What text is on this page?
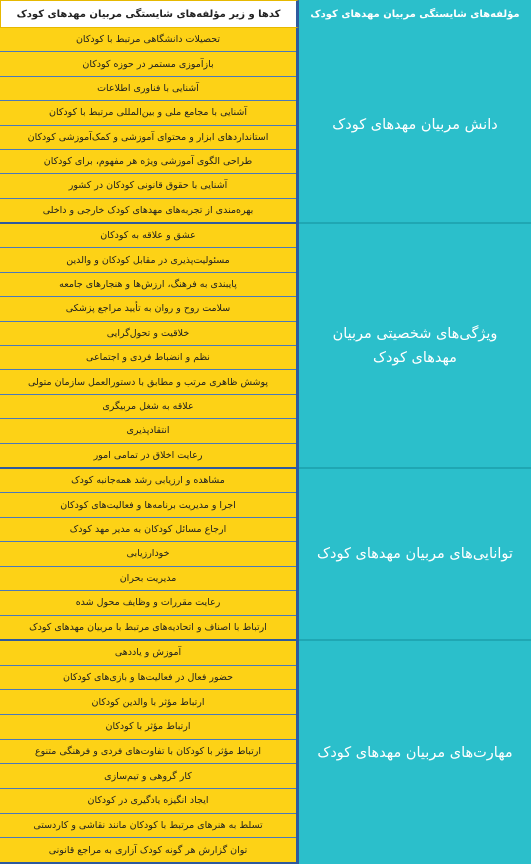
کدها و زیر مؤلفه‌های شایستگی مربیان مهدهای کودک	مؤلفه‌های شایستگی مربیان مهدهای کودک
تحصیلات دانشگاهی مرتبط با کودکان
بازآموزی مستمر در حوزه کودکان
آشنایی با فناوری اطلاعات
آشنایی با مجامع ملی و بین‌المللی مرتبط با کودکان
استانداردهای ابزار و محتوای آموزشی و کمک‌آموزشی کودکان
طراحی الگوی آموزشی ویژه هر مفهوم، برای کودکان
آشنایی با حقوق قانونی کودکان در کشور
بهره‌مندی از تجربه‌های مهدهای کودک خارجی و داخلی
دانش مربیان مهدهای کودک
عشق و علاقه به کودکان
مسئولیت‌پذیری در مقابل کودکان و والدین
پایبندی به فرهنگ، ارزش‌ها و هنجارهای جامعه
سلامت روح و روان به تأیید مراجع پزشکی
خلاقیت و تحول‌گرایی
نظم و انضباط فردی و اجتماعی
پوشش ظاهری مرتب و مطابق با دستورالعمل سازمان متولی
علاقه به شغل مربیگری
انتقادپذیری
رعایت اخلاق در تمامی امور
ویژگی‌های شخصیتی مربیان مهدهای کودک
مشاهده و ارزیابی رشد همه‌جانبه کودک
اجرا و مدیریت برنامه‌ها و فعالیت‌های کودکان
ارجاع مسائل کودکان به مدیر مهد کودک
خودارزیابی
مدیریت بحران
رعایت مقررات و وظایف محول شده
ارتباط با اصناف و اتحادیه‌های مرتبط با مربیان مهدهای کودک
توانایی‌های مربیان مهدهای کودک
آموزش و یاددهی
حضور فعال در فعالیت‌ها و بازی‌های کودکان
ارتباط مؤثر با والدین کودکان
ارتباط مؤثر با کودکان
ارتباط مؤثر با کودکان با تفاوت‌های فردی و فرهنگی متنوع
کار گروهی و تیم‌سازی
ایجاد انگیزه یادگیری در کودکان
تسلط به هنرهای مرتبط با کودکان مانند نقاشی و کاردستی
توان گزارش هر گونه کودک آزاری به مراجع قانونی
مهارت‌های مربیان مهدهای کودک
